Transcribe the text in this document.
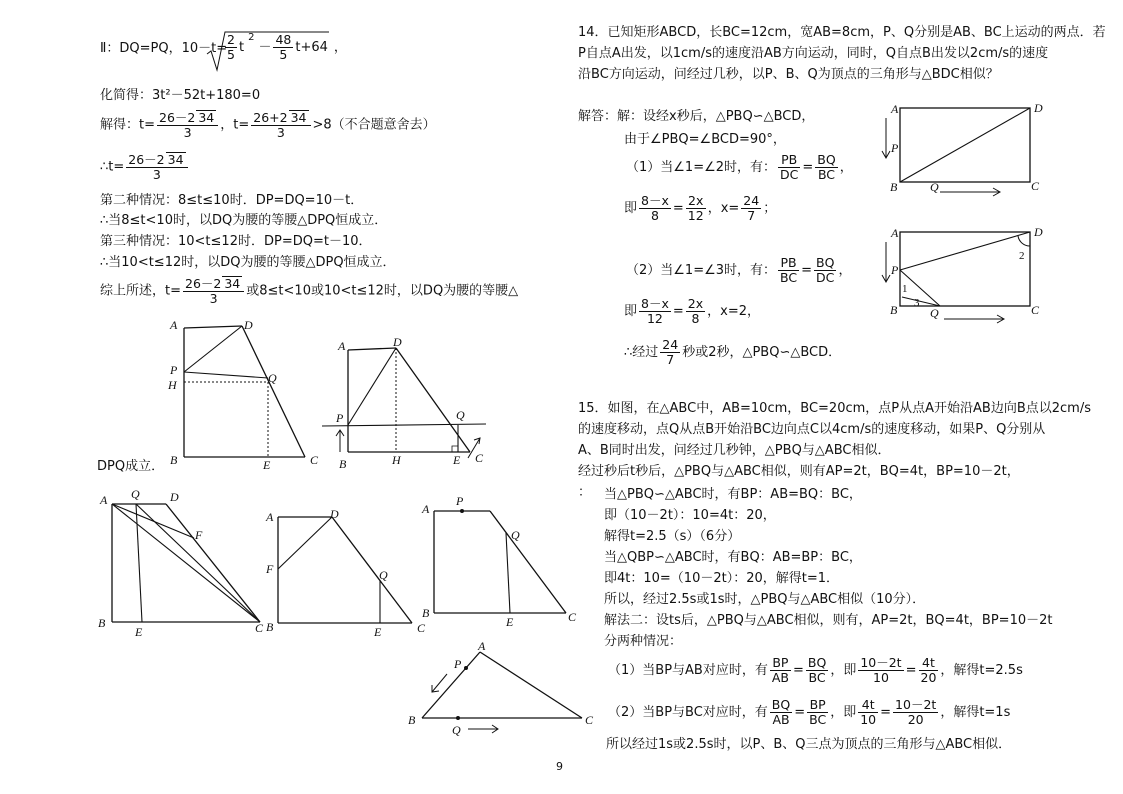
Ⅱ：DQ=PQ，10－t=
$\frac{2}{5} t^2- \frac{48}{5} t+64$ ，
化简得：3t²－52t+180=0
解得：$t= \frac{26-2 34}{3}$ ，$t= \frac{26+2 34}{3} >8$（不合题意舍去）
∴t= $\frac{26-2 34}{3}$
第二种情况：8≤t≤10时．DP=DQ=10－t．
∴当8≤t<10时，以DQ为腰的等腰△DPQ恒成立．
第三种情况：10<t≤12时．DP=DQ=t－10．
∴当10<t≤12时，以DQ为腰的等腰△DPQ恒成立．
综上所述，$t= \frac{26-2 34}{3}$ 或8≤t<10或10<t≤12时，以DQ为腰的等腰△
DPQ成立．
A	D
P
H	Q
B	E	C
A	D
P	Q
B	H	E C
A Q	D
F
B
E	C
A	D
F	Q
B	E	C
A
P
Q
B
E	C
A
P
B
Q
C
14．已知矩形ABCD，长BC=12cm，宽AB=8cm，P、Q分别是AB、BC上运动的两点．若
P自点A出发，以1cm/s的速度沿AB方向运动，同时，Q自点B出发以2cm/s的速度
沿BC方向运动，问经过几秒，以P、B、Q为顶点的三角形与△BDC相似？
解答：解：设经x秒后，△PBQ∽△BCD，
由于∠PBQ=∠BCD=90°，
（1）当∠1=∠2时，有： $\frac{PB}{DC} = \frac{BQ}{BC}$ ，
即 $\frac{8-x}{8} = \frac{2x}{12}$ ，$x= \frac{24}{7}$ ；
（2）当∠1=∠3时，有： $\frac{PB}{BC} = \frac{BQ}{DC}$ ，
即 $\frac{8-x}{12} = \frac{2x}{8}$ ，x=2，
∴经过 $\frac{24}{7}$ 秒或2秒，△PBQ∽△BCD．
A	D
P
B	Q	C
A	D
P
B	Q	C
1
2
3
15．如图，在△ABC中，AB=10cm，BC=20cm，点P从点A开始沿AB边向B点以2cm/s
的速度移动，点Q从点B开始沿BC边向点C以4cm/s的速度移动，如果P、Q分别从
A、B同时出发，问经过几秒钟，△PBQ与△ABC相似．
经过秒后t秒后，△PBQ与△ABC相似，则有AP=2t，BQ=4t，BP=10－2t，
： 当△PBQ∽△ABC时，有BP：AB=BQ：BC，
即（10－2t）：10=4t：20，
解得t=2.5（s）（6分）
当△QBP∽△ABC时，有BQ：AB=BP：BC，
即4t：10=（10－2t）：20，解得t=1．
所以，经过2.5s或1s时，△PBQ与△ABC相似（10分）．
解法二：设ts后，△PBQ与△ABC相似，则有，AP=2t，BQ=4t，BP=10－2t
分两种情况：
（1）当BP与AB对应时，有 $\frac{BP}{AB} = \frac{BQ}{BC}$ ，即 $\frac{10-2t}{10} = \frac{4t}{20}$ ，解得t=2.5s
（2）当BP与BC对应时，有 $\frac{BQ}{AB} = \frac{BP}{BC}$ ，即 $\frac{4t}{10} = \frac{10-2t}{20}$ ，解得t=1s
所以经过1s或2.5s时，以P、B、Q三点为顶点的三角形与△ABC相似．
9
